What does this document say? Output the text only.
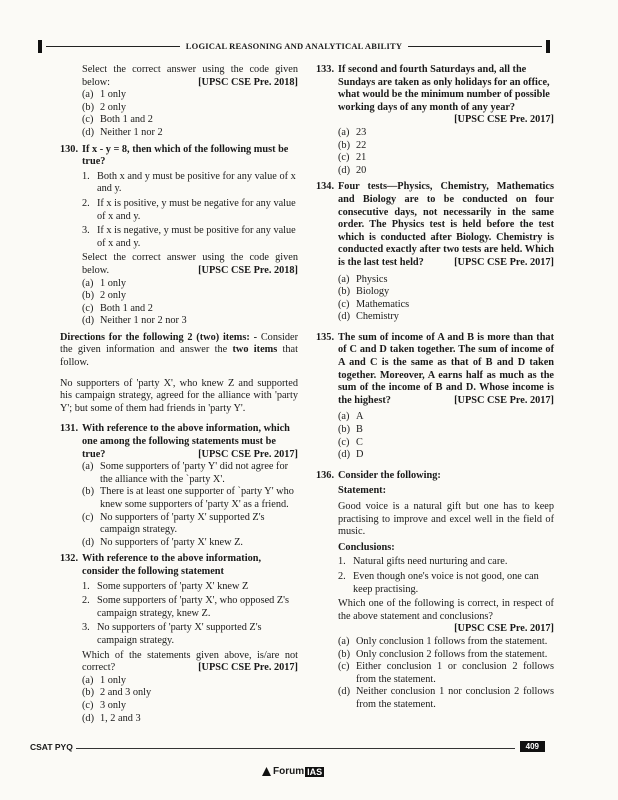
LOGICAL REASONING AND ANALYTICAL ABILITY

Select the correct answer using the code given below:	[UPSC CSE Pre. 2018]

(a) 1 only
(b) 2 only
(c) Both 1 and 2
(d) Neither 1 nor 2
130. If x - y = 8, then which of the following must be true?
1. Both x and y must be positive for any value of x and y.
2. If x is positive, y must be negative for any value of x and y.
3. If x is negative, y must be positive for any value of x and y.

Select the correct answer using the code given below.	[UPSC CSE Pre. 2018]

(a) 1 only
(b) 2 only
(c) Both 1 and 2
(d) Neither 1 nor 2 nor 3

Directions for the following 2 (two) items: - Consider the given information and answer the two items that follow.

No supporters of 'party X', who knew Z and supported his campaign strategy, agreed for the alliance with 'party Y'; but some of them had friends in 'party Y'.

131. With reference to the above information, which one among the following statements must be true?	[UPSC CSE Pre. 2017]
(a) Some supporters of 'party Y' did not agree for the alliance with the `party X'.
(b) There is at least one supporter of `party Y' who knew some supporters of 'party X' as a friend.
(c) No supporters of 'party X' supported Z's campaign strategy.
(d) No supporters of 'party X' knew Z.
132. With reference to the above information, consider the following statement
1. Some supporters of 'party X' knew Z
2. Some supporters of 'party X', who opposed Z's campaign strategy, knew Z.
3. No supporters of 'party X' supported Z's campaign strategy.

Which of the statements given above, is/are not correct?	[UPSC CSE Pre. 2017]

(a) 1 only
(b) 2 and 3 only
(c) 3 only
(d) 1, 2 and 3
133. If second and fourth Saturdays and, all the Sundays are taken as only holidays for an office, what would be the minimum number of possible working days of any month of any year?
[UPSC CSE Pre. 2017]
(a) 23
(b) 22
(c) 21
(d) 20
134. Four tests—Physics, Chemistry, Mathematics and Biology are to be conducted on four consecutive days, not necessarily in the same order. The Physics test is held before the test which is conducted after Biology. Chemistry is conducted exactly after two tests are held. Which is the last test held?	[UPSC CSE Pre. 2017]
(a) Physics
(b) Biology
(c) Mathematics
(d) Chemistry
135. The sum of income of A and B is more than that of C and D taken together. The sum of income of A and C is the same as that of B and D taken together. Moreover, A earns half as much as the sum of the income of B and D. Whose income is the highest?	[UPSC CSE Pre. 2017]
(a) A
(b) B
(c) C
(d) D
136. Consider the following:

Statement:

Good voice is a natural gift but one has to keep practising to improve and excel well in the field of music.

Conclusions:

1. Natural gifts need nurturing and care.
2. Even though one's voice is not good, one can keep practising.

Which one of the following is correct, in respect of the above statement and conclusions?
[UPSC CSE Pre. 2017]

(a) Only conclusion 1 follows from the statement.
(b) Only conclusion 2 follows from the statement.
(c) Either conclusion 1 or conclusion 2 follows from the statement.
(d) Neither conclusion 1 nor conclusion 2 follows from the statement.
CSAT PYQ	409
Forum IAS
